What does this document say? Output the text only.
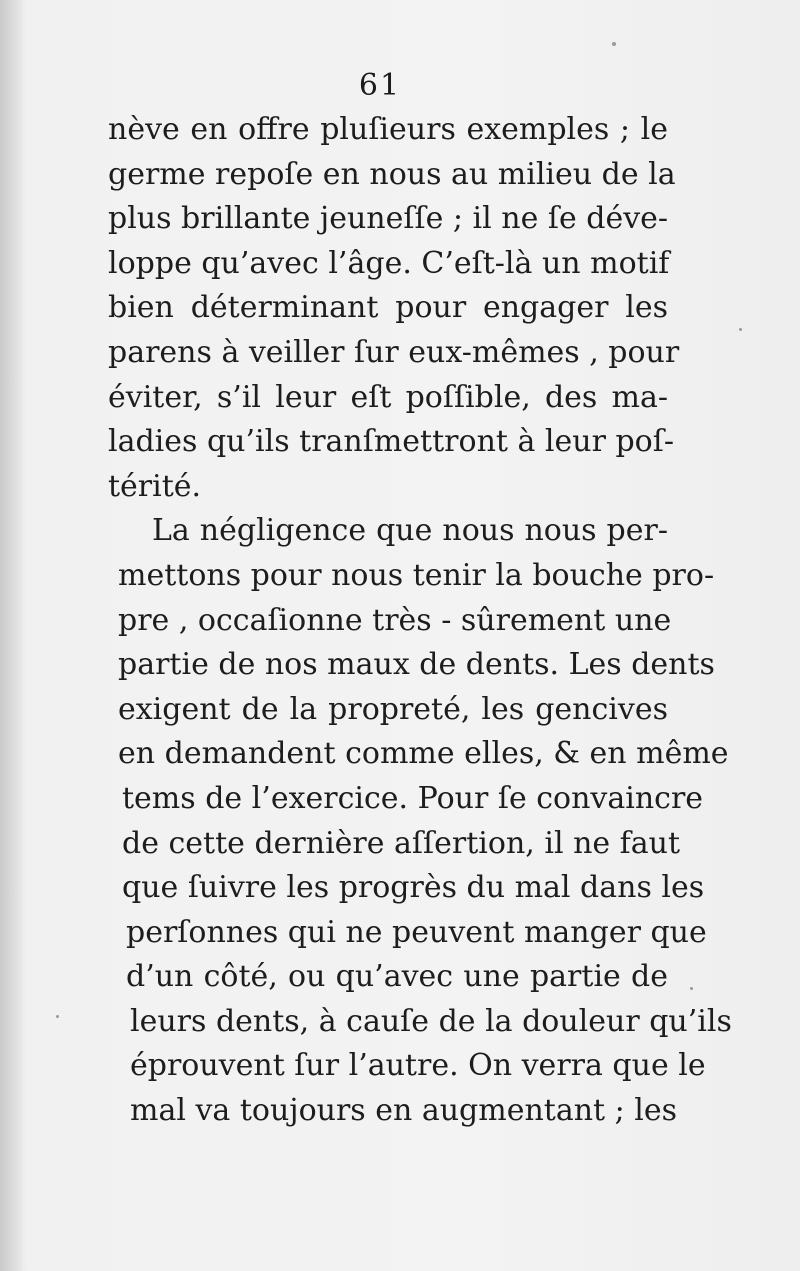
61
nève en offre pluſieurs exemples ; le
germe repoſe en nous au milieu de la
plus brillante jeuneſſe ; il ne ſe déve-
loppe qu’avec l’âge. C’eſt-là un motif
bien déterminant pour engager les
parens à veiller ſur eux-mêmes , pour
éviter, s’il leur eſt poſſible, des ma-
ladies qu’ils tranſmettront à leur poſ-
térité.
La négligence que nous nous per-
mettons pour nous tenir la bouche pro-
pre , occaſionne très - sûrement une
partie de nos maux de dents. Les dents
exigent de la propreté, les gencives
en demandent comme elles, & en même
tems de l’exercice. Pour ſe convaincre
de cette dernière aſſertion, il ne faut
que ſuivre les progrès du mal dans les
perſonnes qui ne peuvent manger que
d’un côté, ou qu’avec une partie de
leurs dents, à cauſe de la douleur qu’ils
éprouvent ſur l’autre. On verra que le
mal va toujours en augmentant ; les
